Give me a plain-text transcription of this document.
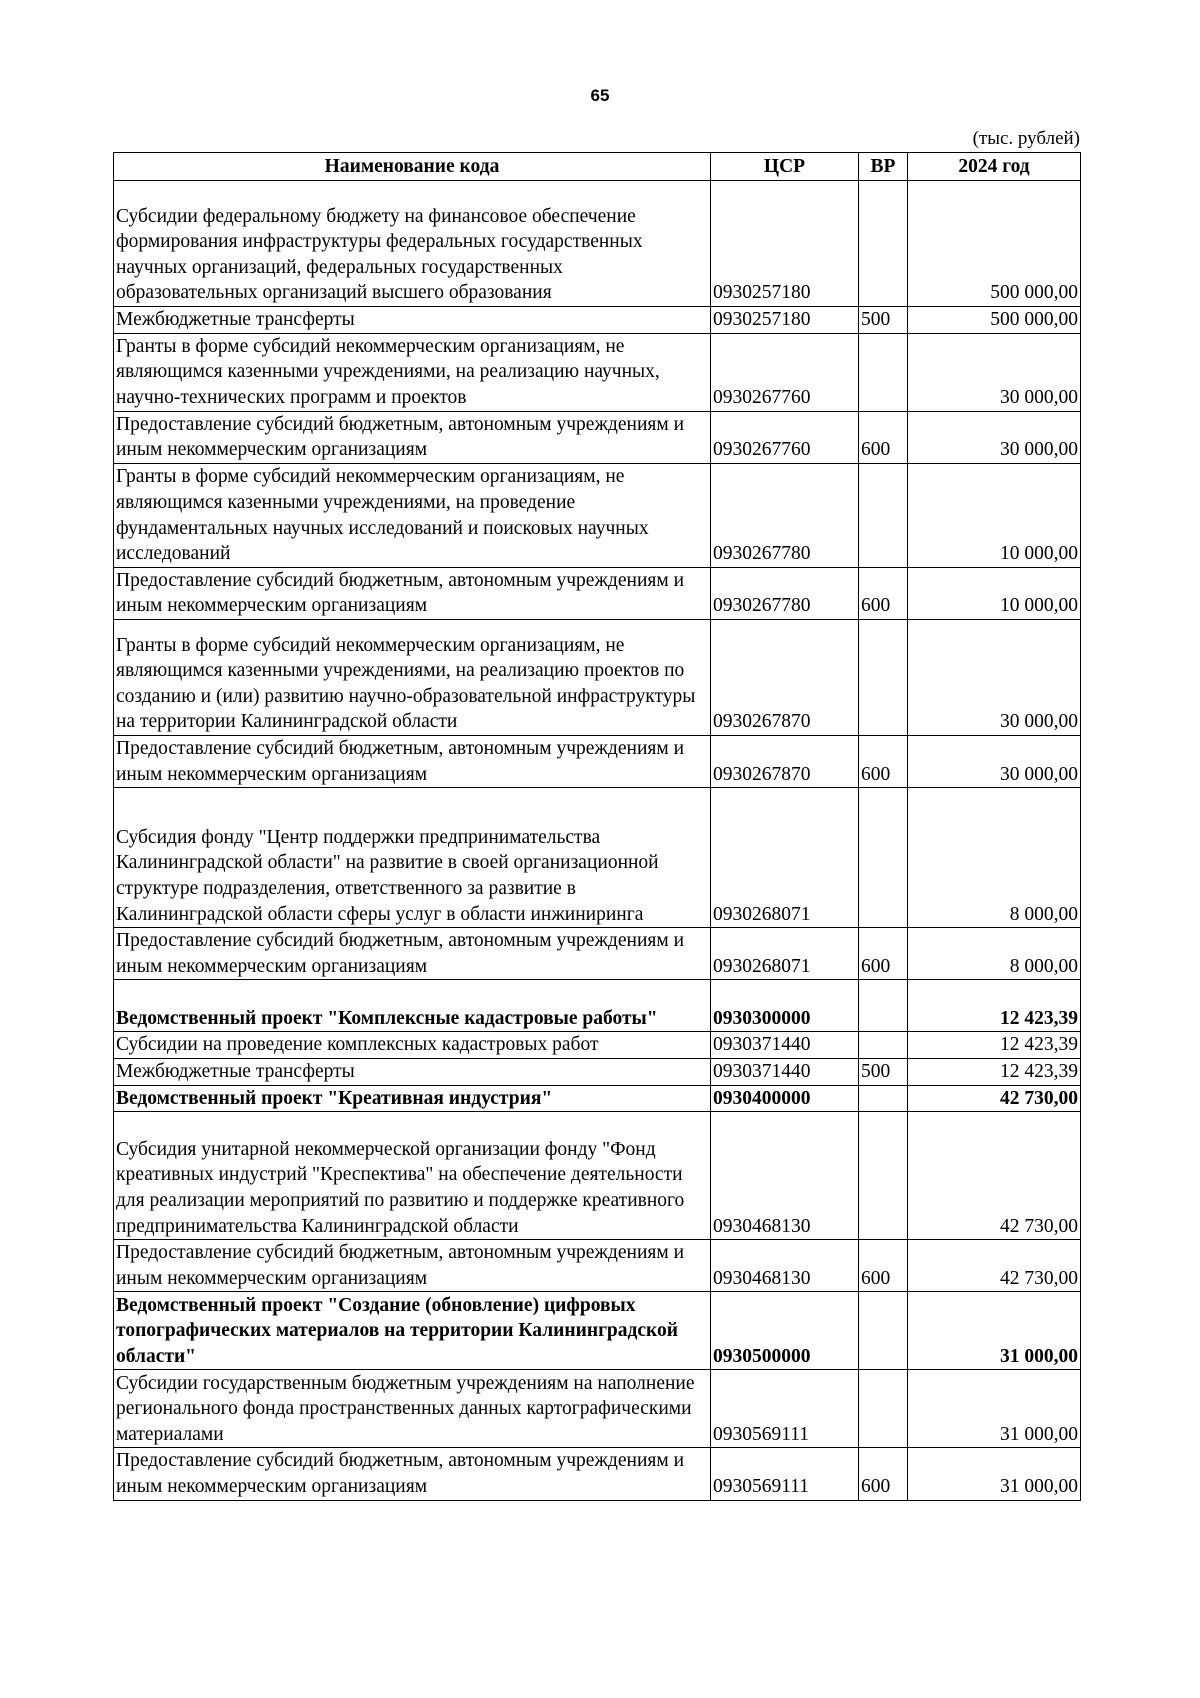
65
(тыс. рублей)
Наименование кода	ЦСР	ВР	2024 год
Субсидии федеральному бюджету на финансовое обеспечение формирования инфраструктуры федеральных государственных научных организаций, федеральных государственных образовательных организаций высшего образования	0930257180		500 000,00
Межбюджетные трансферты	0930257180	500	500 000,00
Гранты в форме субсидий некоммерческим организациям, не являющимся казенными учреждениями, на реализацию научных, научно-технических программ и проектов	0930267760		30 000,00
Предоставление субсидий бюджетным, автономным учреждениям и иным некоммерческим организациям	0930267760	600	30 000,00
Гранты в форме субсидий некоммерческим организациям, не являющимся казенными учреждениями, на проведение фундаментальных научных исследований и поисковых научных исследований	0930267780		10 000,00
Предоставление субсидий бюджетным, автономным учреждениям и иным некоммерческим организациям	0930267780	600	10 000,00
Гранты в форме субсидий некоммерческим организациям, не являющимся казенными учреждениями, на реализацию проектов по созданию и (или) развитию научно-образовательной инфраструктуры на территории Калининградской области	0930267870		30 000,00
Предоставление субсидий бюджетным, автономным учреждениям и иным некоммерческим организациям	0930267870	600	30 000,00
Субсидия фонду "Центр поддержки предпринимательства Калининградской области" на развитие в своей организационной структуре подразделения, ответственного за развитие в Калининградской области сферы услуг в области инжиниринга	0930268071		8 000,00
Предоставление субсидий бюджетным, автономным учреждениям и иным некоммерческим организациям	0930268071	600	8 000,00
Ведомственный проект "Комплексные кадастровые работы"	0930300000		12 423,39
Субсидии на проведение комплексных кадастровых работ	0930371440		12 423,39
Межбюджетные трансферты	0930371440	500	12 423,39
Ведомственный проект "Креативная индустрия"	0930400000		42 730,00
Субсидия унитарной некоммерческой организации фонду "Фонд креативных индустрий "Креспектива" на обеспечение деятельности для реализации мероприятий по развитию и поддержке креативного предпринимательства Калининградской области	0930468130		42 730,00
Предоставление субсидий бюджетным, автономным учреждениям и иным некоммерческим организациям	0930468130	600	42 730,00
Ведомственный проект "Создание (обновление) цифровых топографических материалов на территории Калининградской области"	0930500000		31 000,00
Субсидии государственным бюджетным учреждениям на наполнение регионального фонда пространственных данных картографическими материалами	0930569111		31 000,00
Предоставление субсидий бюджетным, автономным учреждениям и иным некоммерческим организациям	0930569111	600	31 000,00
